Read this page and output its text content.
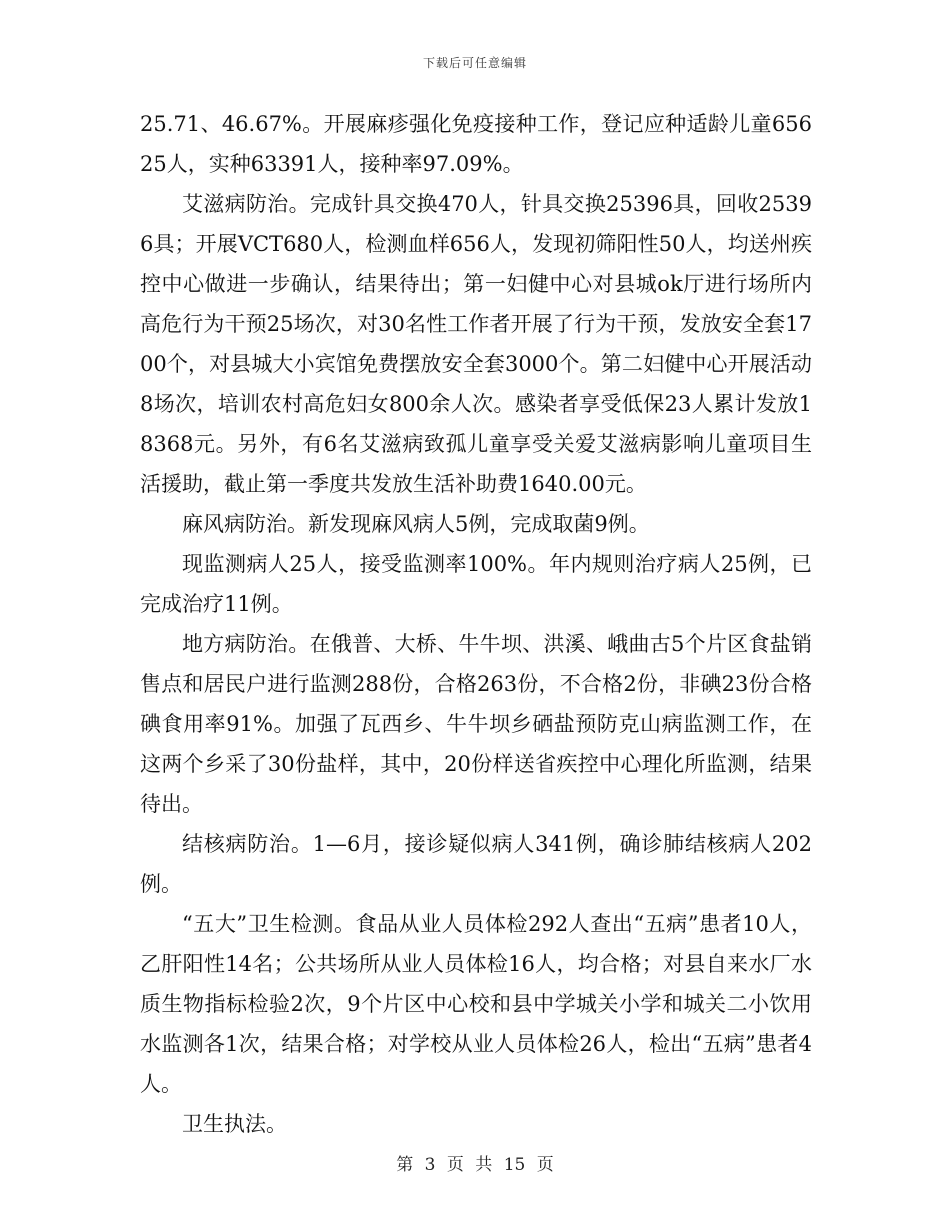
下载后可任意编辑

25.71、46.67%。开展麻疹强化免疫接种工作，登记应种适龄儿童65625人，实种63391人，接种率97.09%。

艾滋病防治。完成针具交换470人，针具交换25396具，回收25396具；开展VCT680人，检测血样656人，发现初筛阳性50人，均送州疾控中心做进一步确认，结果待出；第一妇健中心对县城ok厅进行场所内高危行为干预25场次，对30名性工作者开展了行为干预，发放安全套1700个，对县城大小宾馆免费摆放安全套3000个。第二妇健中心开展活动8场次，培训农村高危妇女800余人次。感染者享受低保23人累计发放18368元。另外，有6名艾滋病致孤儿童享受关爱艾滋病影响儿童项目生活援助，截止第一季度共发放生活补助费1640.00元。

麻风病防治。新发现麻风病人5例，完成取菌9例。

现监测病人25人，接受监测率100%。年内规则治疗病人25例，已完成治疗11例。

地方病防治。在俄普、大桥、牛牛坝、洪溪、峨曲古5个片区食盐销售点和居民户进行监测288份，合格263份，不合格2份，非碘23份合格碘食用率91%。加强了瓦西乡、牛牛坝乡硒盐预防克山病监测工作，在这两个乡采了30份盐样，其中，20份样送省疾控中心理化所监测，结果待出。

结核病防治。1—6月，接诊疑似病人341例，确诊肺结核病人202例。

“五大”卫生检测。食品从业人员体检292人查出“五病”患者10人，乙肝阳性14名；公共场所从业人员体检16人，均合格；对县自来水厂水质生物指标检验2次，9个片区中心校和县中学城关小学和城关二小饮用水监测各1次，结果合格；对学校从业人员体检26人，检出“五病”患者4人。

卫生执法。

第 3 页 共 15 页
